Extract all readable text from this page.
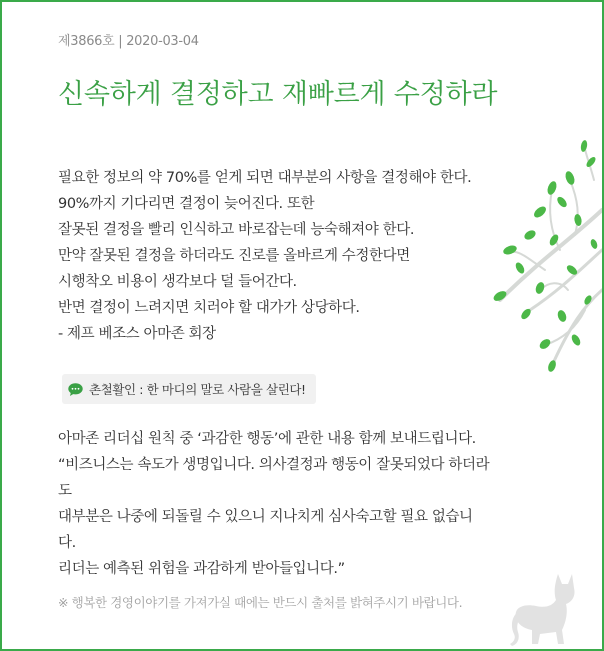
제3866호 | 2020-03-04
신속하게 결정하고 재빠르게 수정하라
필요한 정보의 약 70%를 얻게 되면 대부분의 사항을 결정해야 한다.
90%까지 기다리면 결정이 늦어진다. 또한
잘못된 결정을 빨리 인식하고 바로잡는데 능숙해져야 한다.
만약 잘못된 결정을 하더라도 진로를 올바르게 수정한다면
시행착오 비용이 생각보다 덜 들어간다.
반면 결정이 느려지면 치러야 할 대가가 상당하다.
- 제프 베조스 아마존 회장
촌철활인 : 한 마디의 말로 사람을 살린다!
아마존 리더십 원칙 중 ‘과감한 행동’에 관한 내용 함께 보내드립니다.
“비즈니스는 속도가 생명입니다. 의사결정과 행동이 잘못되었다 하더라
도
대부분은 나중에 되돌릴 수 있으니 지나치게 심사숙고할 필요 없습니
다.
리더는 예측된 위험을 과감하게 받아들입니다.”
※ 행복한 경영이야기를 가져가실 때에는 반드시 출처를 밝혀주시기 바랍니다.
